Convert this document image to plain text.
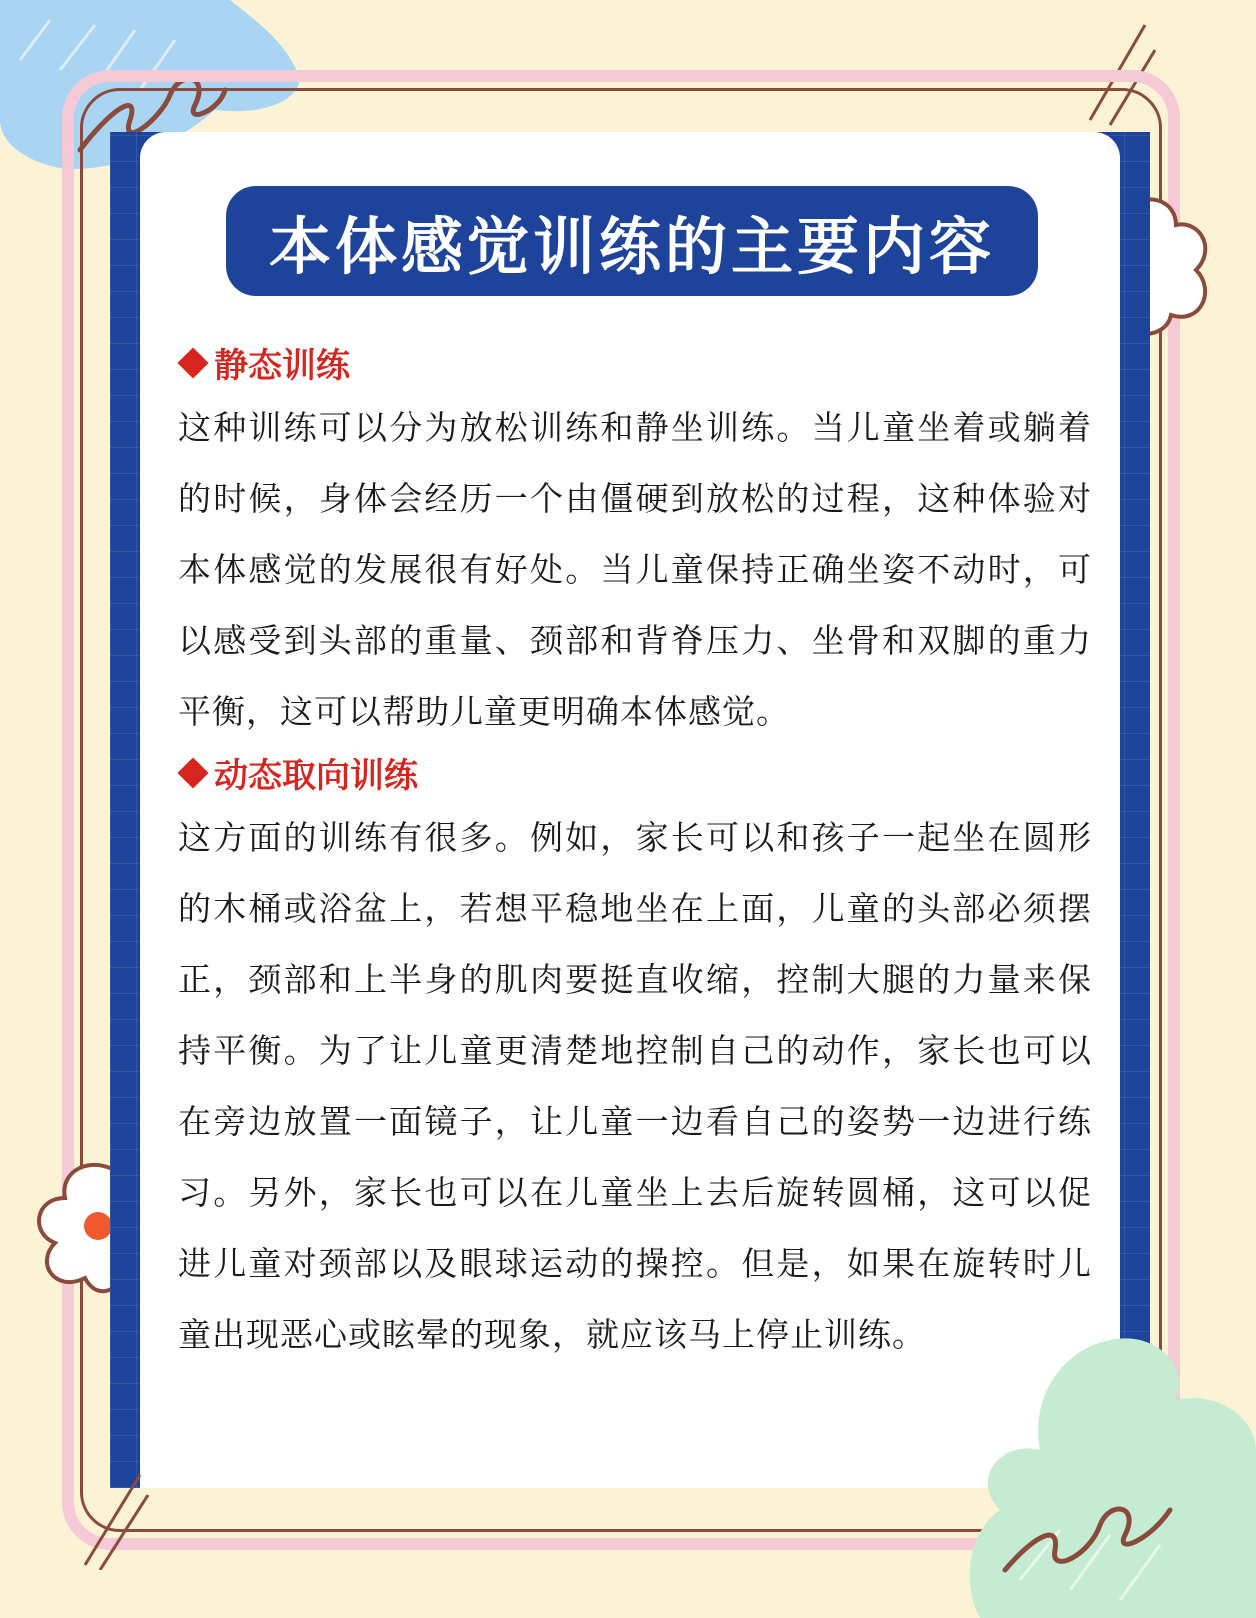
本体感觉训练的主要内容
静态训练
这种训练可以分为放松训练和静坐训练。当儿童坐着或躺着的时候，身体会经历一个由僵硬到放松的过程，这种体验对本体感觉的发展很有好处。当儿童保持正确坐姿不动时，可以感受到头部的重量、颈部和背脊压力、坐骨和双脚的重力平衡，这可以帮助儿童更明确本体感觉。
动态取向训练
这方面的训练有很多。例如，家长可以和孩子一起坐在圆形的木桶或浴盆上，若想平稳地坐在上面，儿童的头部必须摆正，颈部和上半身的肌肉要挺直收缩，控制大腿的力量来保持平衡。为了让儿童更清楚地控制自己的动作，家长也可以在旁边放置一面镜子，让儿童一边看自己的姿势一边进行练习。另外，家长也可以在儿童坐上去后旋转圆桶，这可以促进儿童对颈部以及眼球运动的操控。但是，如果在旋转时儿童出现恶心或眩晕的现象，就应该马上停止训练。
